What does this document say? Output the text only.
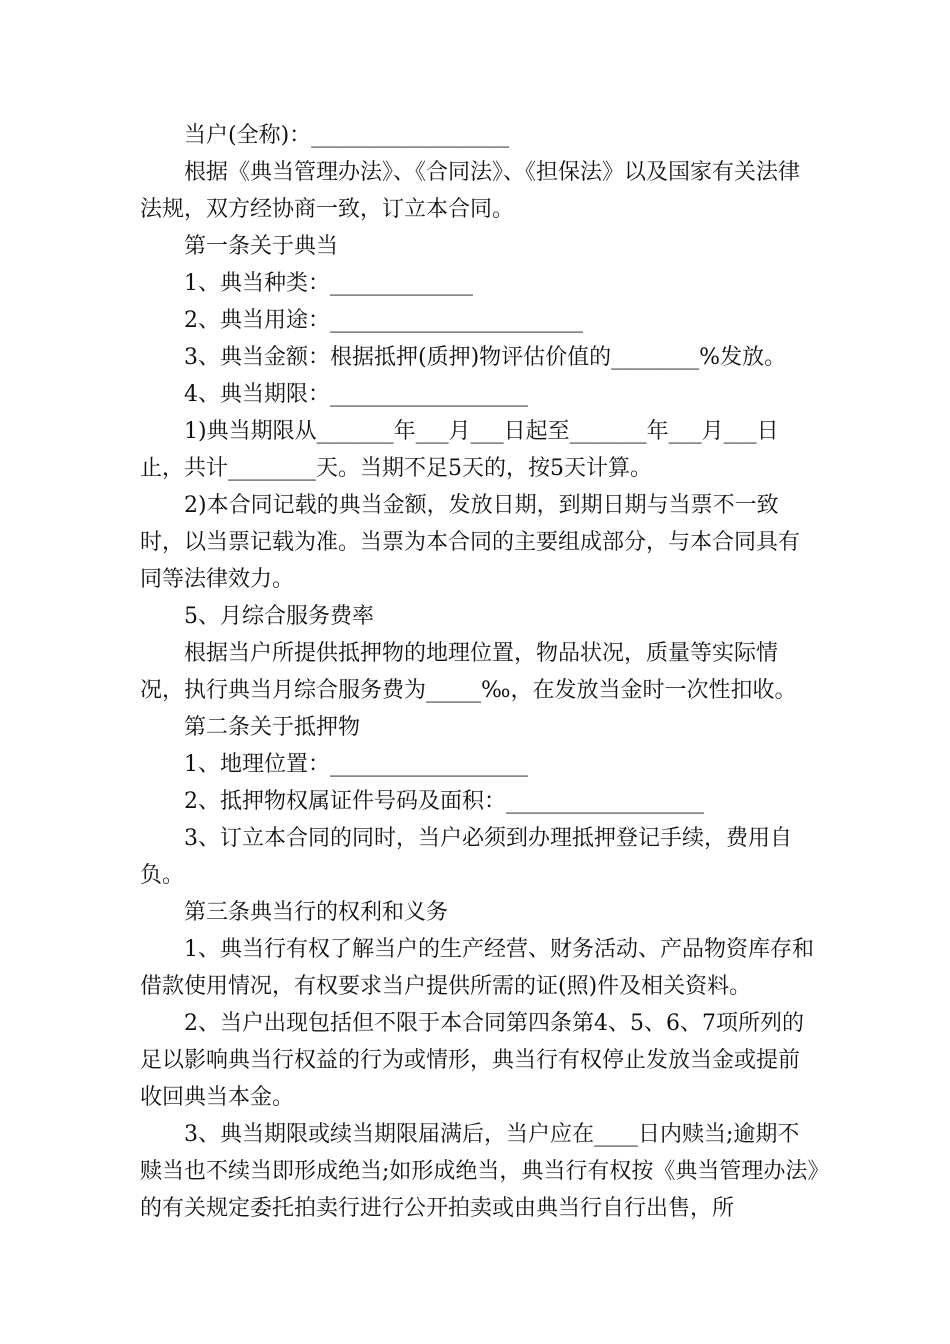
当户(全称)：__________________

根据《典当管理办法》、《合同法》、《担保法》以及国家有关法律法规，双方经协商一致，订立本合同。

第一条关于典当

1、典当种类：_____________

2、典当用途：_______________________

3、典当金额：根据抵押(质押)物评估价值的________%发放。

4、典当期限：__________________

1)典当期限从_______年___月___日起至_______年___月___日止，共计________天。当期不足5天的，按5天计算。

2)本合同记载的典当金额，发放日期，到期日期与当票不一致时，以当票记载为准。当票为本合同的主要组成部分，与本合同具有同等法律效力。

5、月综合服务费率

根据当户所提供抵押物的地理位置，物品状况，质量等实际情况，执行典当月综合服务费为_____‰，在发放当金时一次性扣收。

第二条关于抵押物

1、地理位置：__________________

2、抵押物权属证件号码及面积：__________________

3、订立本合同的同时，当户必须到办理抵押登记手续，费用自负。

第三条典当行的权利和义务

1、典当行有权了解当户的生产经营、财务活动、产品物资库存和借款使用情况，有权要求当户提供所需的证(照)件及相关资料。

2、当户出现包括但不限于本合同第四条第4、5、6、7项所列的足以影响典当行权益的行为或情形，典当行有权停止发放当金或提前收回典当本金。

3、典当期限或续当期限届满后，当户应在____日内赎当;逾期不赎当也不续当即形成绝当;如形成绝当，典当行有权按《典当管理办法》的有关规定委托拍卖行进行公开拍卖或由典当行自行出售，所
